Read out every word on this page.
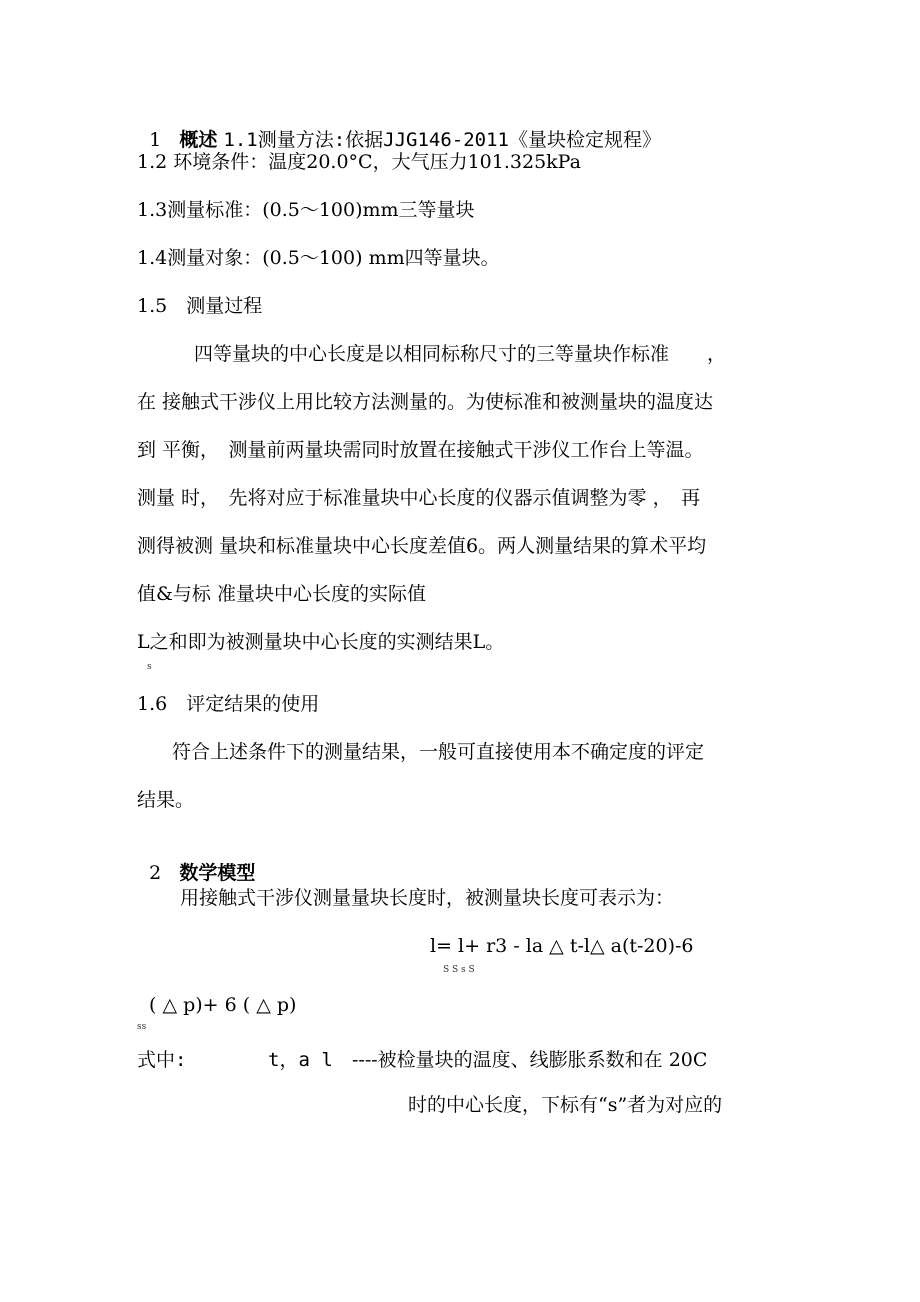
1 概述 1.1测量方法:依据JJG146-2011《量块检定规程》

1.2 环境条件：温度20.0°C，大气压力101.325kPa
1.3测量标准：(0.5～100)mm三等量块
1.4测量对象：(0.5～100) mm四等量块。
1.5　测量过程
四等量块的中心长度是以相同标称尺寸的三等量块作标准　　，
在 接触式干涉仪上用比较方法测量的。为使标准和被测量块的温度达
到 平衡，　测量前两量块需同时放置在接触式干涉仪工作台上等温。
测量 时，　先将对应于标准量块中心长度的仪器示值调整为零 ，　再
测得被测 量块和标准量块中心长度差值6。两人测量结果的算术平均
值&与标 准量块中心长度的实际值
L之和即为被测量块中心长度的实测结果L。
s
1.6　评定结果的使用
符合上述条件下的测量结果，一般可直接使用本不确定度的评定
结果。

2 数学模型

用接触式干涉仪测量量块长度时，被测量块长度可表示为：
l= l+ r3 - la △ t-l△ a(t-20)-6
S S s S
( △ p)+ 6 ( △ p)
ss
式中:	t，a l ----被检量块的温度、线膨胀系数和在 20C
时的中心长度，下标有“s”者为对应的
